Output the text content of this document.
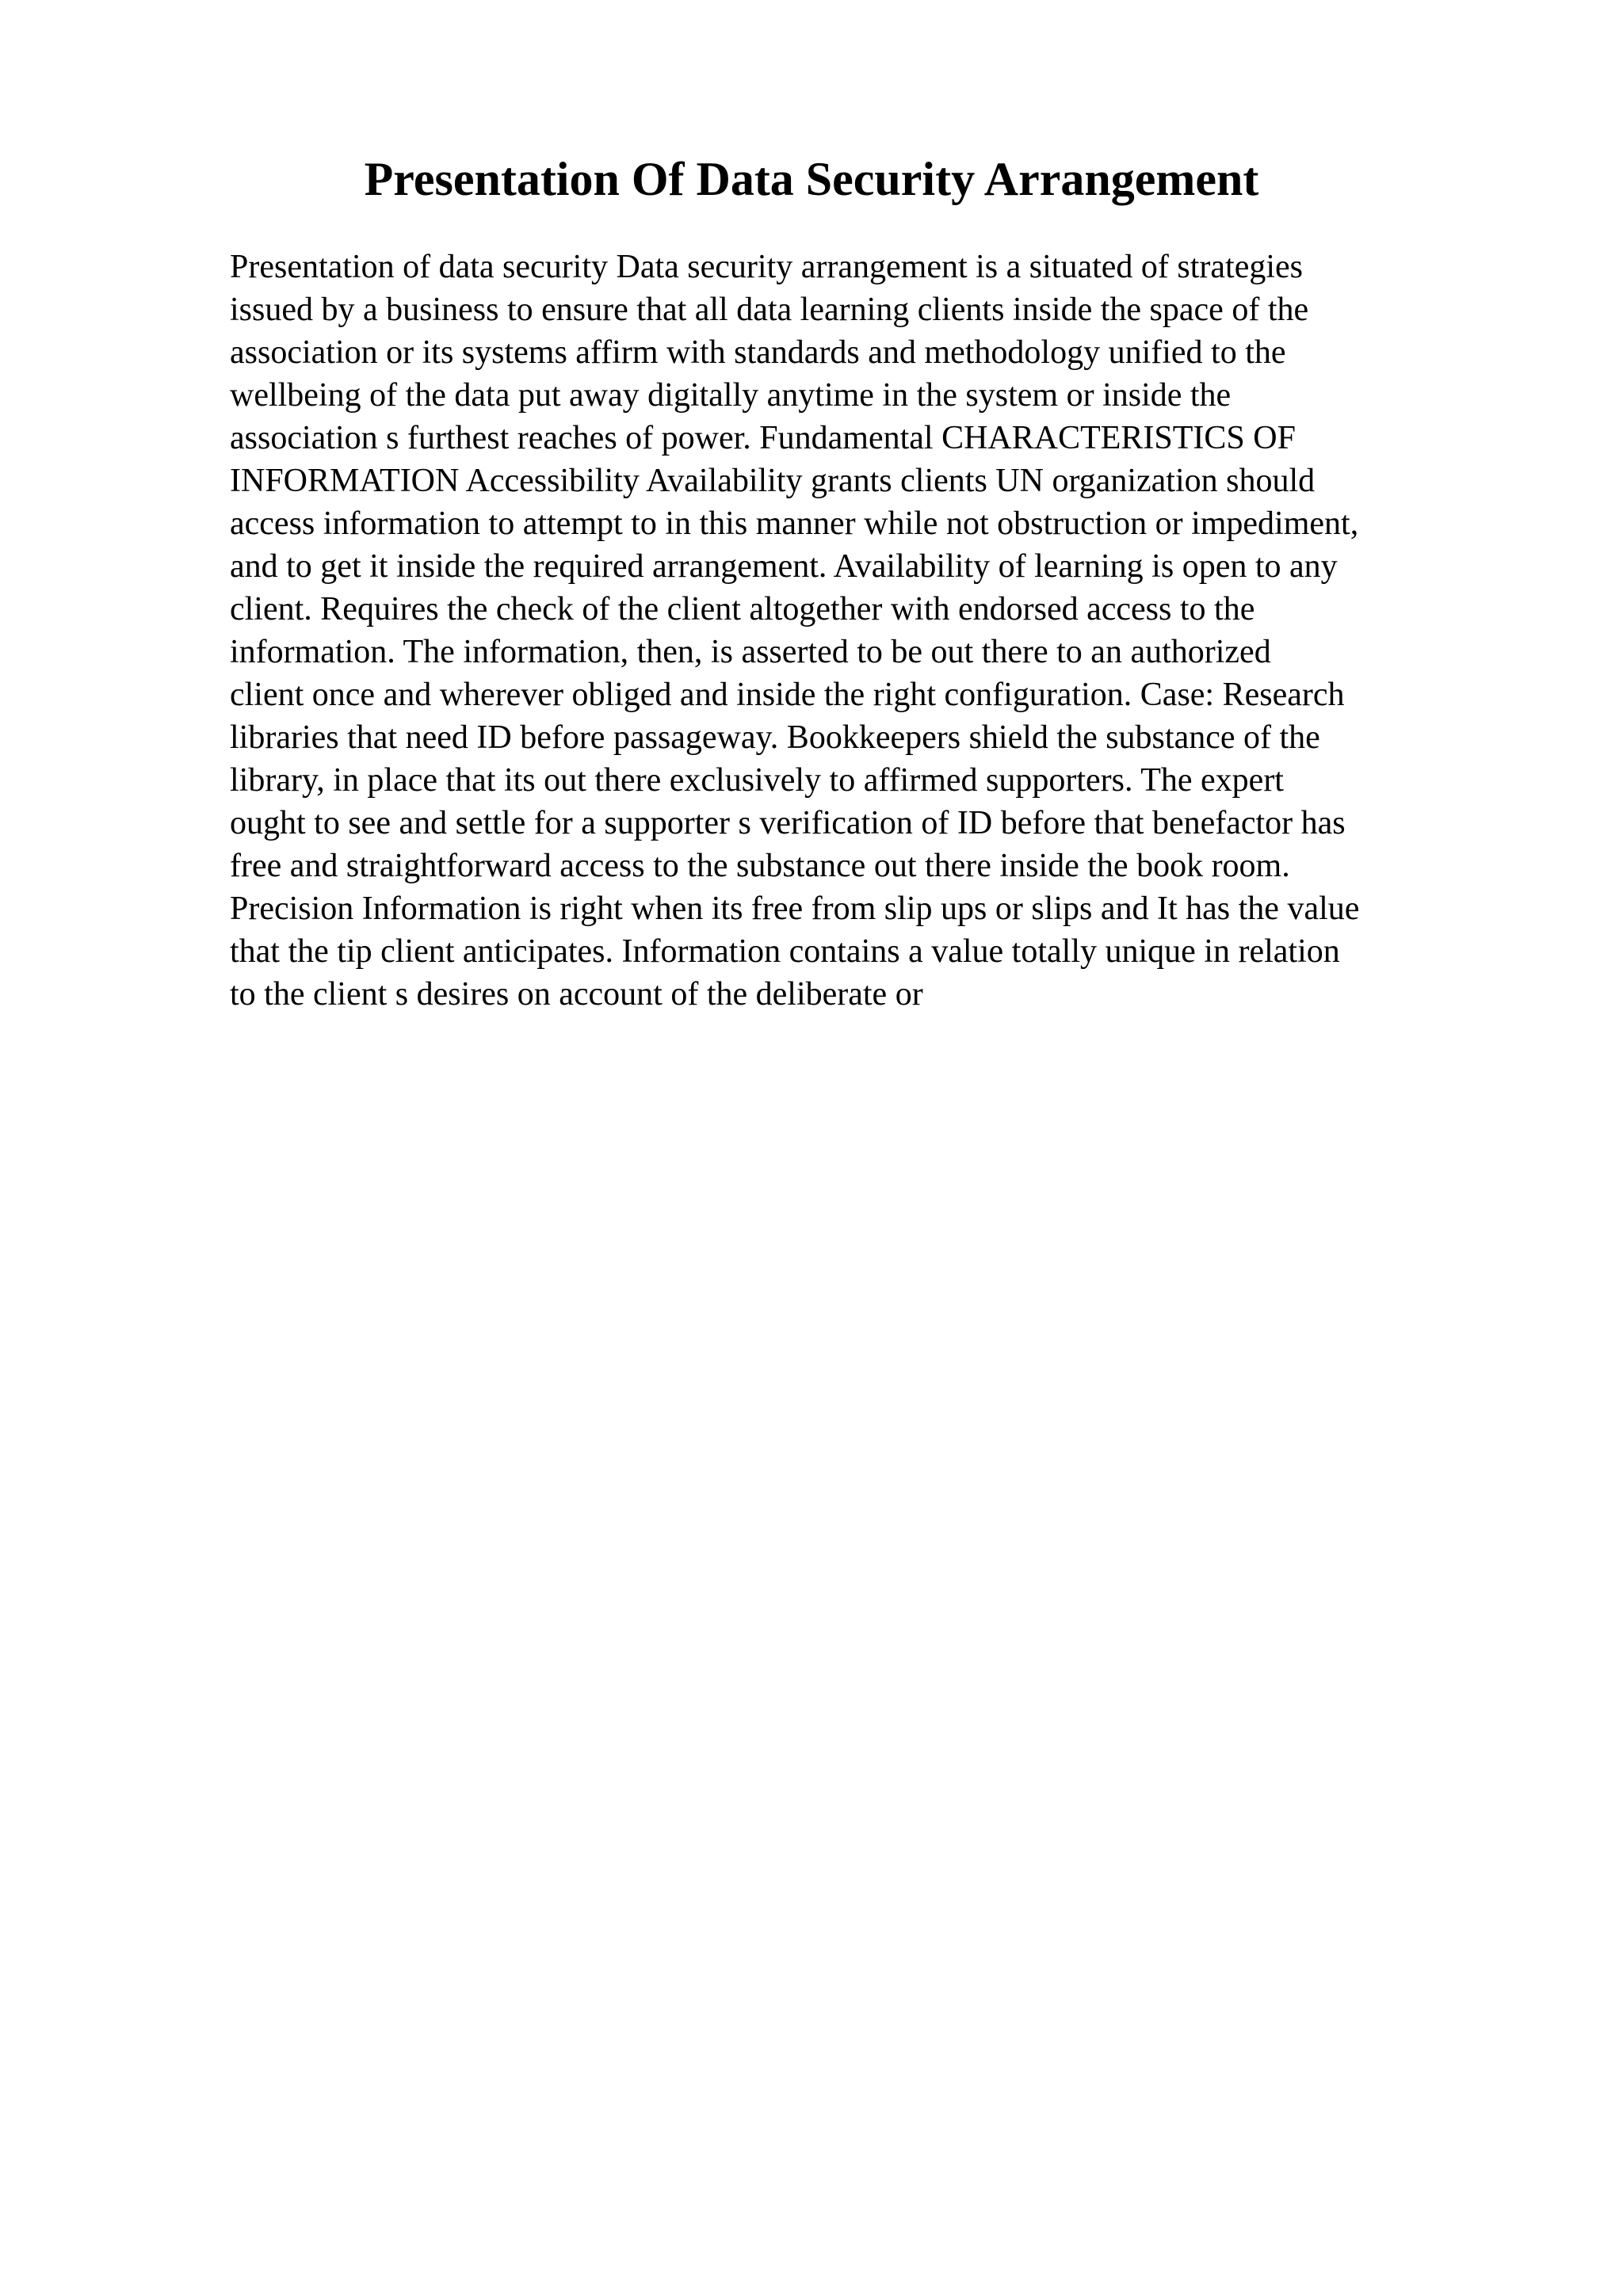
Presentation Of Data Security Arrangement
Presentation of data security Data security arrangement is a situated of strategies
issued by a business to ensure that all data learning clients inside the space of the
association or its systems affirm with standards and methodology unified to the
wellbeing of the data put away digitally anytime in the system or inside the
association s furthest reaches of power. Fundamental CHARACTERISTICS OF
INFORMATION Accessibility Availability grants clients UN organization should
access information to attempt to in this manner while not obstruction or impediment,
and to get it inside the required arrangement. Availability of learning is open to any
client. Requires the check of the client altogether with endorsed access to the
information. The information, then, is asserted to be out there to an authorized
client once and wherever obliged and inside the right configuration. Case: Research
libraries that need ID before passageway. Bookkeepers shield the substance of the
library, in place that its out there exclusively to affirmed supporters. The expert
ought to see and settle for a supporter s verification of ID before that benefactor has
free and straightforward access to the substance out there inside the book room.
Precision Information is right when its free from slip ups or slips and It has the value
that the tip client anticipates. Information contains a value totally unique in relation
to the client s desires on account of the deliberate or
